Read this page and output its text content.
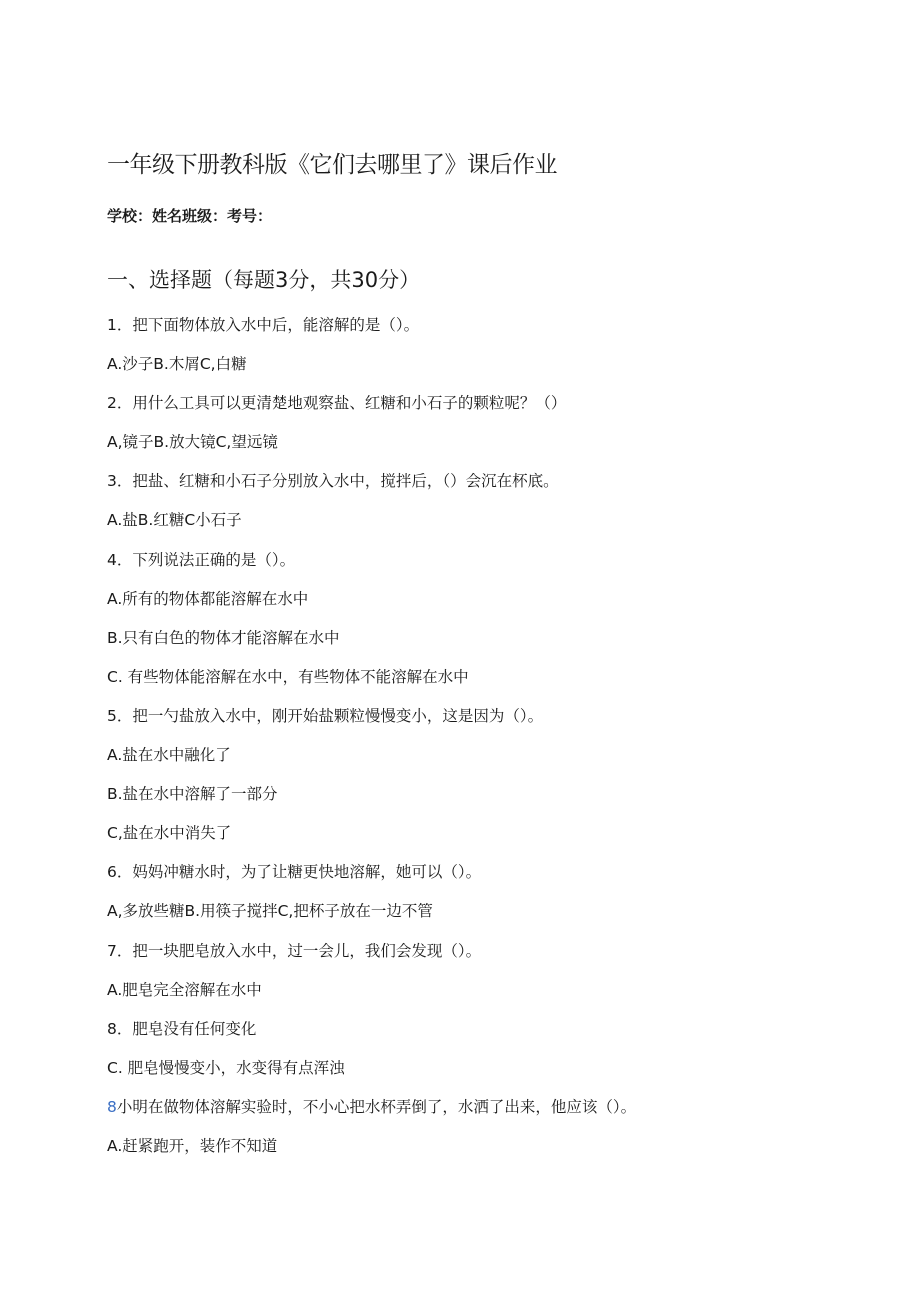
一年级下册教科版《它们去哪里了》课后作业
学校：姓名班级：考号：
一、选择题（每题3分，共30分）
1．把下面物体放入水中后，能溶解的是（）。
A.沙子B.木屑C,白糖
2．用什么工具可以更清楚地观察盐、红糖和小石子的颗粒呢？（）
A,镜子B.放大镜C,望远镜
3．把盐、红糖和小石子分别放入水中，搅拌后，（）会沉在杯底。
A.盐B.红糖C小石子
4．下列说法正确的是（）。
A.所有的物体都能溶解在水中
B.只有白色的物体才能溶解在水中
C. 有些物体能溶解在水中，有些物体不能溶解在水中
5．把一勺盐放入水中，刚开始盐颗粒慢慢变小，这是因为（）。
A.盐在水中融化了
B.盐在水中溶解了一部分
C,盐在水中消失了
6．妈妈冲糖水时，为了让糖更快地溶解，她可以（）。
A,多放些糖B.用筷子搅拌C,把杯子放在一边不管
7．把一块肥皂放入水中，过一会儿，我们会发现（）。
A.肥皂完全溶解在水中
8．肥皂没有任何变化
C. 肥皂慢慢变小，水变得有点浑浊
8小明在做物体溶解实验时，不小心把水杯弄倒了，水洒了出来，他应该（）。
A.赶紧跑开，装作不知道
